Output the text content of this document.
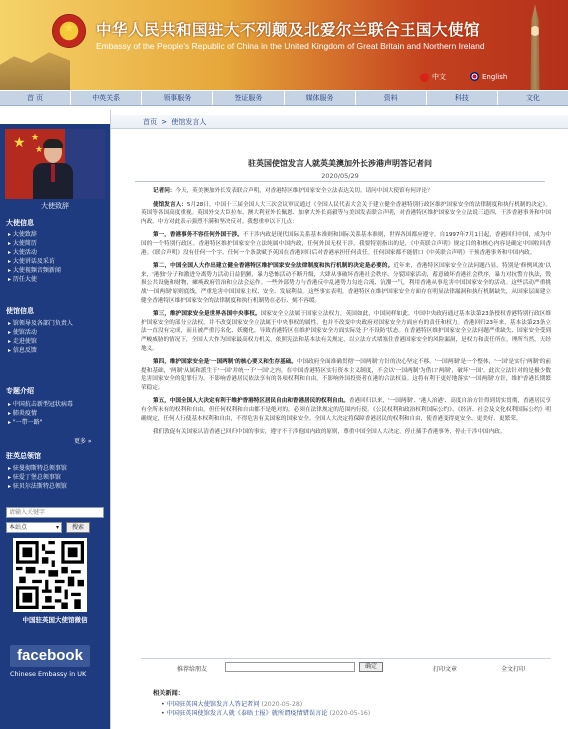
★
中华人民共和国驻大不列颠及北爱尔兰联合王国大使馆
Embassy of the People's Republic of China in the United Kingdom of Great Britain and Northern Ireland
中文	English
首 页	中英关系	领事服务	签证服务	媒体服务	资料	科技	文化
★ ★
★
大使致辞
大使信息
▸ 大使致辞
▸ 大使简历
▸ 大使活动
▸ 大使讲话及采访
▸ 大使视频音频新闻
▸ 历任大使
使馆信息
▸ 馆领导及各部门负责人
▸ 使馆活动
▸ 走进使馆
▸ 信息反馈
专题介绍
▸ 中国抗击新型冠状病毒
▸ 肺炎疫情
▸ "一带一路"
更多 »
驻英总领馆
▸ 驻曼彻斯特总领事馆
▸ 驻爱丁堡总领事馆
▸ 驻贝尔法斯特总领馆
请输入关键字
本站点 ▾	搜索
中国驻英国大使馆微信
facebook
Chinese Embassy in UK
首页 > 使馆发言人
驻英国使馆发言人就英美澳加外长涉港声明答记者问
2020/05/29

记者问：今天，英美澳加外长发表联合声明，对香港特区维护国家安全立法表达关切。请问中国大使馆有何评论？

使馆发言人：5月28日，中国十三届全国人大三次会议审议通过《全国人民代表大会关于建立健全香港特别行政区维护国家安全的法律制度和执行机制的决定》。英国等各国高度重视。英国外交大臣拉布、澳大利亚外长佩恩、加拿大外长商毅等与美国发表联合声明，对香港特区维护国家安全立法说三道四，干涉香港事务和中国内政。中方对此表示强烈不满和坚决反对。我想重申以下几点：

第一，香港事务不容任何外国干涉。不干涉内政是现代国际关系基本准则和国际关系基本准则，世界各国都应遵守。自1997年7月1日起，香港回归中国，成为中国的一个特别行政区。香港特区维护国家安全立法纯属中国内政，任何外国无权干涉。我要特别指出的是，《中英联合声明》规定目的和核心内容是确定中国收回香港。《联合声明》没有任何一个字、任何一个条款赋予英国在香港回归后对香港承担任何责任。任何国家都不能借口《中英联合声明》干预香港事务和中国内政。

第二，中国全国人大作出建立健全香港特区维护国家安全法律制度和执行机制的决定是必要的。近年来，香港特区国家安全立法问题凸显，特别是'修例风波'以来，'港独'分子和激进分离势力活动日益猖獗，暴力恐怖活动不断升级，大肆从事破坏香港社会秩序、分裂国家活动，蓄意破坏香港社会秩序，暴力对抗警方执法，毁损公共设施和财物，瘫痪政府管治和立法会运作。一些外部势力与香港反中乱港势力勾连合流、沆瀣一气，利用香港从事危害中国国家安全的活动。这些活动严重挑战'一国两制'原则底线，严重危害中国国家主权、安全、发展利益。这些事实表明，香港特区在维护国家安全方面存在明显法律漏洞和执行机制缺失，从国家层面建立健全香港特区维护国家安全的法律制度和执行机制势在必行、刻不容缓。

第三，维护国家安全是世界各国中央事权。国家安全立法属于国家立法权力，英国如此，中国同样如此。中国中央政府通过基本法第23条授权香港特别行政区维护国家安全的部分立法权，并不改变国家安全立法属于中央事权的属性，也并不改变中央政府对国家安全方面应有的责任和权力。香港回归23年来，基本法第23条立法一直没有完成，而且被严重污名化、妖魔化，导致香港特区在维护国家安全方面实际处于'不设防'状态。在香港特区维护国家安全立法问题严重缺失、国家安全受到严峻威胁的情况下，全国人大作为国家最高权力机关，依照宪法和基本法有关规定，以立法方式堵塞住香港国家安全的风险漏洞，是权力和责任所在，理所当然，天经地义。

第四，维护国家安全是'一国两制'的核心要义和生存基础。中国政府全面准确贯彻'一国两制'方针的决心坚定不移。'一国两制'是一个整体，'一国'是实行'两制'的前提和基础，'两制'从属和派生于'一国'并统一于'一国'之内。在中国香港特区实行资本主义制度，不会以'一国两制'为借口'两制'，破坏'一国'。此次立法针对的是极少数危害国家安全的犯罪行为，不影响香港居民依法享有的各项权利和自由，不影响外国投资者在港的合法权益。这将有利于更好地落实'一国两制'方针，维护香港长期繁荣稳定。

第五，中国全国人大决定有利于维护香港特区居民自由和香港居民的权利自由。香港回归以来，'一国两制'、'港人治港'、高度自治方针得到切实贯彻，香港居民享有全所未有的权利和自由。但任何权利和自由都不是绝对的，必须在法律规定的范围内行使。《公民权利和政治权利国际公约》、《经济、社会及文化权利国际公约》明确规定，任何人行使基本权利和自由，不得危害有关国家的国家安全。全国人大决定将保障香港居民的权利和自由，使香港变得更安全、更美好、更繁荣。

我们敦促有关国家认清香港已回归中国的事实，遵守不干涉他国内政的原则，尊重中国全国人大决定，停止插手香港事务，停止干涉中国内政。

推荐给朋友	确定	打印文章	全文打印
相关新闻：
• 中国驻英国大使馆发言人答记者问 (2020-05-28)
• 中国驻英国使馆发言人就《泰晤士报》就所谓疫情错误言论 (2020-05-16)
